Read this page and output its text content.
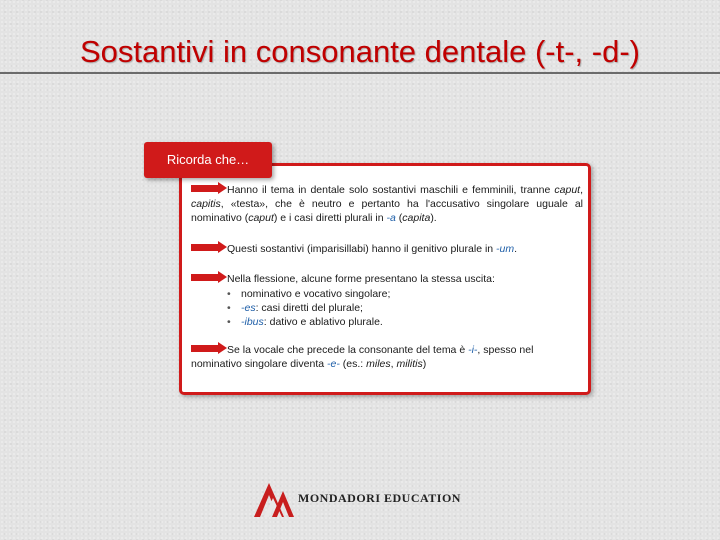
Sostantivi in consonante dentale (-t-, -d-)
Ricorda che…
Hanno il tema in dentale solo sostantivi maschili e femminili, tranne caput, capitis, «testa», che è neutro e pertanto ha l'accusativo singolare uguale al nominativo (caput) e i casi diretti plurali in -a (capita).
Questi sostantivi (imparisillabi) hanno il genitivo plurale in -um.
Nella flessione, alcune forme presentano la stessa uscita:
• nominativo e vocativo singolare;
• -es: casi diretti del plurale;
• -ibus: dativo e ablativo plurale.
Se la vocale che precede la consonante del tema è -i-, spesso nel nominativo singolare diventa -e- (es.: miles, militis)
MONDADORI EDUCATION
